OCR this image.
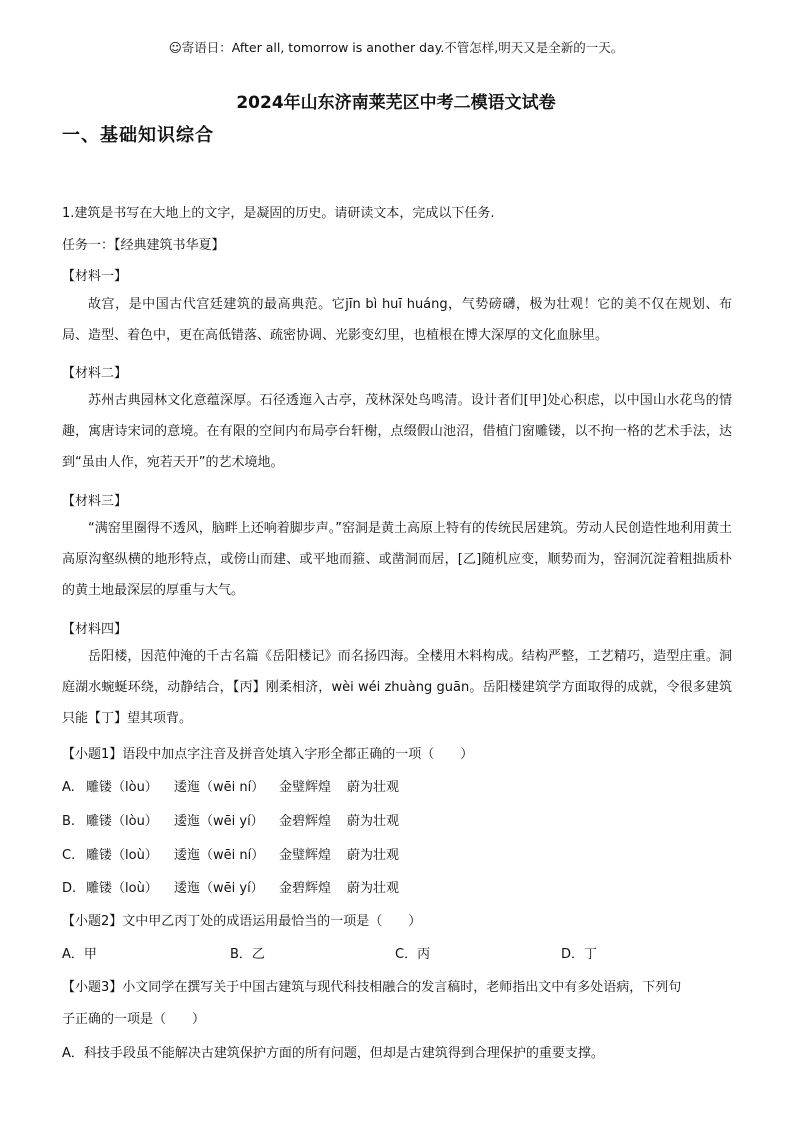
☺寄语日：After all, tomorrow is another day.不管怎样,明天又是全新的一天。
2024年山东济南莱芜区中考二模语文试卷
一、基础知识综合
1.建筑是书写在大地上的文字，是凝固的历史。请研读文本，完成以下任务.
任务一：【经典建筑书华夏】
【材料一】
故宫，是中国古代宫廷建筑的最高典范。它jīn bì huī huáng，气势磅礴，极为壮观！它的美不仅在规划、布局、造型、着色中，更在高低错落、疏密协调、光影变幻里，也植根在博大深厚的文化血脉里。
【材料二】
苏州古典园林文化意蕴深厚。石径透迤入古亭，茂林深处鸟鸣清。设计者们[甲]处心积虑，以中国山水花鸟的情趣，寓唐诗宋词的意境。在有限的空间内布局亭台轩榭，点缀假山池沼，借植门窗雕镂，以不拘一格的艺术手法，达到“虽由人作，宛若天开”的艺术境地。
【材料三】
“满窑里圈得不透风，脑畔上还响着脚步声。”窑洞是黄土高原上特有的传统民居建筑。劳动人民创造性地利用黄土高原沟壑纵横的地形特点，或傍山而建、或平地而箍、或凿洞而居，[乙]随机应变，顺势而为，窑洞沉淀着粗拙质朴的黄土地最深层的厚重与大气。
【材料四】
岳阳楼，因范仲淹的千古名篇《岳阳楼记》而名扬四海。全楼用木料构成。结构严整，工艺精巧，造型庄重。洞庭湖水蜿蜒环绕，动静结合，【丙】刚柔相济，wèi wéi zhuàng guān。岳阳楼建筑学方面取得的成就，令很多建筑只能【丁】望其项背。
【小题1】语段中加点字注音及拼音处填入字形全都正确的一项（　　）
A. 雕镂（lòu） 逶迤（wēi ní） 金璧辉煌 蔚为壮观
B. 雕镂（lòu） 逶迤（wēi yí） 金碧辉煌 蔚为壮观
C. 雕镂（loù） 逶迤（wēi ní） 金璧辉煌 蔚为壮观
D. 雕镂（loù） 逶迤（wēi yí） 金碧辉煌 蔚为壮观
【小题2】文中甲乙丙丁处的成语运用最恰当的一项是（　　）
A．甲	B．乙	C．丙	D．丁
【小题3】小文同学在撰写关于中国古建筑与现代科技相融合的发言稿时，老师指出文中有多处语病，下列句
子正确的一项是（　　）
A．科技手段虽不能解决古建筑保护方面的所有问题，但却是古建筑得到合理保护的重要支撑。
